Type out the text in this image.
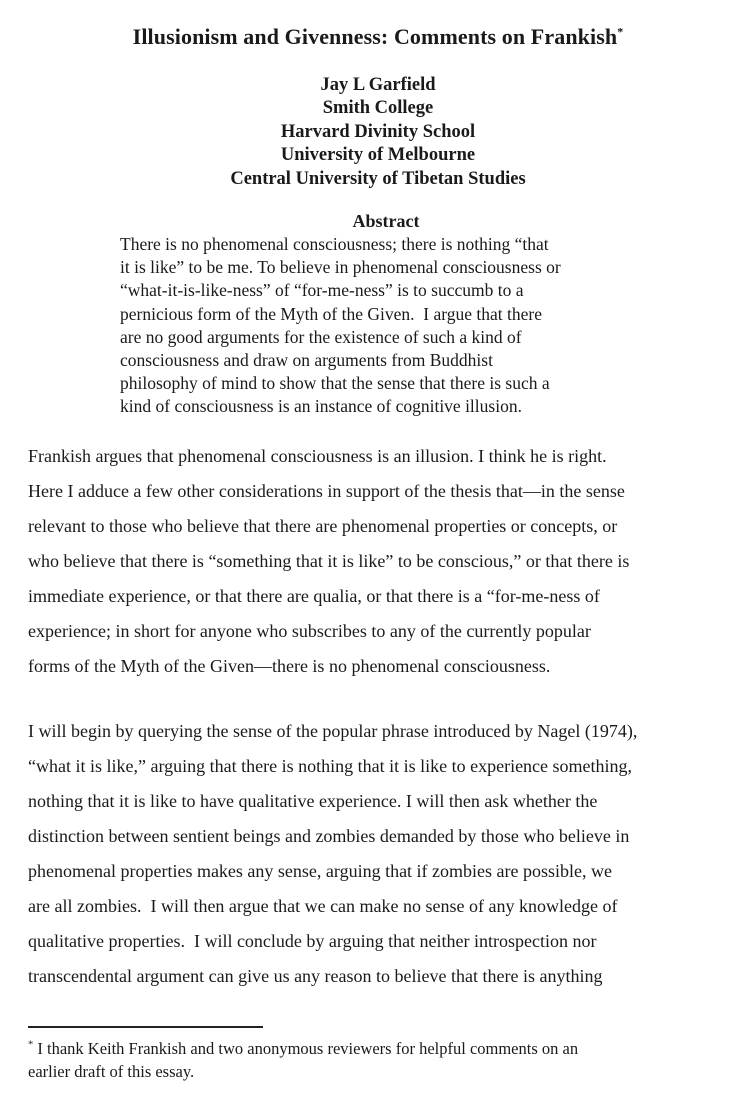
Illusionism and Givenness: Comments on Frankish*
Jay L Garfield
Smith College
Harvard Divinity School
University of Melbourne
Central University of Tibetan Studies
Abstract
There is no phenomenal consciousness; there is nothing “that
it is like” to be me. To believe in phenomenal consciousness or
“what-it-is-like-ness” of “for-me-ness” is to succumb to a
pernicious form of the Myth of the Given.  I argue that there
are no good arguments for the existence of such a kind of
consciousness and draw on arguments from Buddhist
philosophy of mind to show that the sense that there is such a
kind of consciousness is an instance of cognitive illusion.
Frankish argues that phenomenal consciousness is an illusion. I think he is right.
Here I adduce a few other considerations in support of the thesis that—in the sense
relevant to those who believe that there are phenomenal properties or concepts, or
who believe that there is “something that it is like” to be conscious,” or that there is
immediate experience, or that there are qualia, or that there is a “for-me-ness of
experience; in short for anyone who subscribes to any of the currently popular
forms of the Myth of the Given—there is no phenomenal consciousness.
I will begin by querying the sense of the popular phrase introduced by Nagel (1974),
“what it is like,” arguing that there is nothing that it is like to experience something,
nothing that it is like to have qualitative experience. I will then ask whether the
distinction between sentient beings and zombies demanded by those who believe in
phenomenal properties makes any sense, arguing that if zombies are possible, we
are all zombies.  I will then argue that we can make no sense of any knowledge of
qualitative properties.  I will conclude by arguing that neither introspection nor
transcendental argument can give us any reason to believe that there is anything
* I thank Keith Frankish and two anonymous reviewers for helpful comments on an
earlier draft of this essay.
